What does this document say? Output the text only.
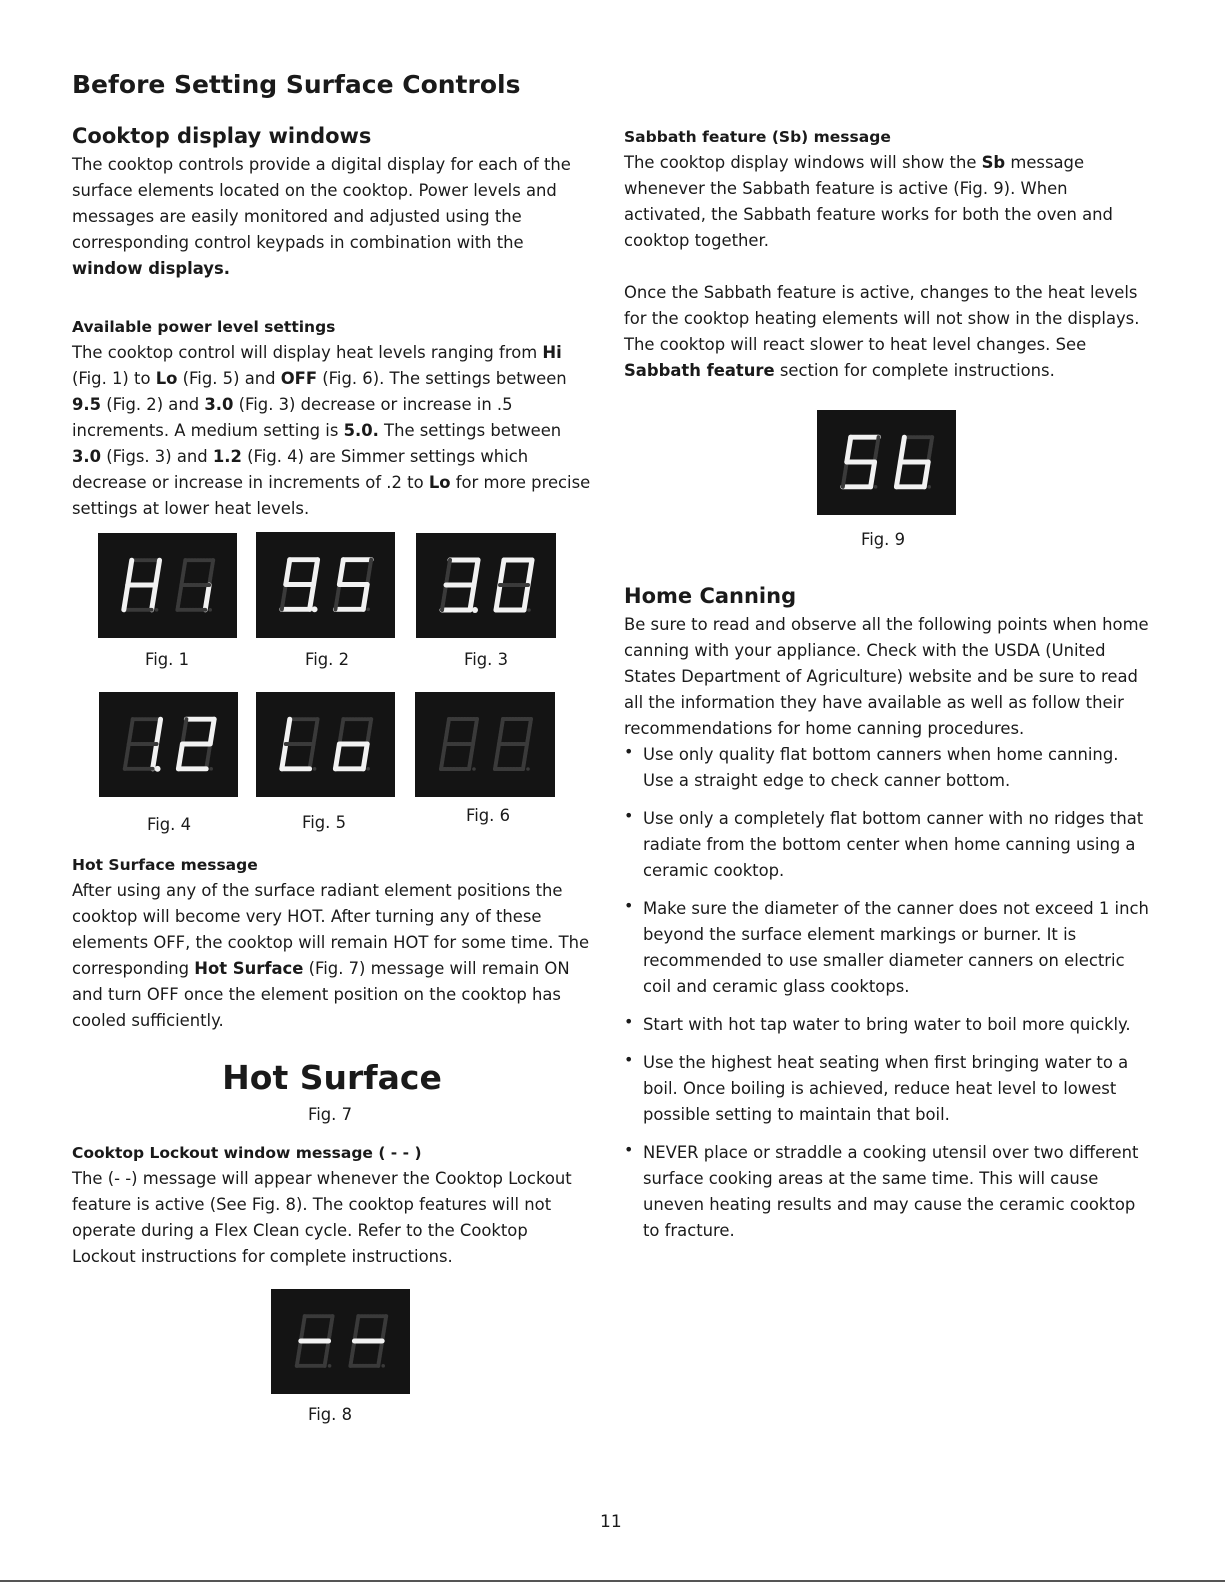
Before Setting Surface Controls
Cooktop display windows

The cooktop controls provide a digital display for each of the surface elements located on the cooktop. Power levels and messages are easily monitored and adjusted using the corresponding control keypads in combination with the window displays.

Available power level settings

The cooktop control will display heat levels ranging from Hi (Fig. 1) to Lo (Fig. 5) and OFF (Fig. 6). The settings between 9.5 (Fig. 2) and 3.0 (Fig. 3) decrease or increase in .5 increments. A medium setting is 5.0. The settings between 3.0 (Figs. 3) and 1.2 (Fig. 4) are Simmer settings which decrease or increase in increments of .2 to Lo for more precise settings at lower heat levels.

Fig. 1	Fig. 2	Fig. 3
Fig. 4	Fig. 5	Fig. 6
Hot Surface message

After using any of the surface radiant element positions the cooktop will become very HOT. After turning any of these elements OFF, the cooktop will remain HOT for some time. The corresponding Hot Surface (Fig. 7) message will remain ON and turn OFF once the element position on the cooktop has cooled sufficiently.

Hot Surface
Fig. 7
Cooktop Lockout window message ( - - )

The (- -) message will appear whenever the Cooktop Lockout feature is active (See Fig. 8). The cooktop features will not operate during a Flex Clean cycle. Refer to the Cooktop Lockout instructions for complete instructions.

Fig. 8
Sabbath feature (Sb) message

The cooktop display windows will show the Sb message whenever the Sabbath feature is active (Fig. 9). When activated, the Sabbath feature works for both the oven and cooktop together.

Once the Sabbath feature is active, changes to the heat levels for the cooktop heating elements will not show in the displays. The cooktop will react slower to heat level changes. See Sabbath feature section for complete instructions.

Fig. 9
Home Canning

Be sure to read and observe all the following points when home canning with your appliance. Check with the USDA (United States Department of Agriculture) website and be sure to read all the information they have available as well as follow their recommendations for home canning procedures.

• Use only quality flat bottom canners when home canning. Use a straight edge to check canner bottom.

• Use only a completely flat bottom canner with no ridges that radiate from the bottom center when home canning using a ceramic cooktop.

• Make sure the diameter of the canner does not exceed 1 inch beyond the surface element markings or burner. It is recommended to use smaller diameter canners on electric coil and ceramic glass cooktops.

• Start with hot tap water to bring water to boil more quickly.

• Use the highest heat seating when first bringing water to a boil. Once boiling is achieved, reduce heat level to lowest possible setting to maintain that boil.

• NEVER place or straddle a cooking utensil over two different surface cooking areas at the same time. This will cause uneven heating results and may cause the ceramic cooktop to fracture.

11
